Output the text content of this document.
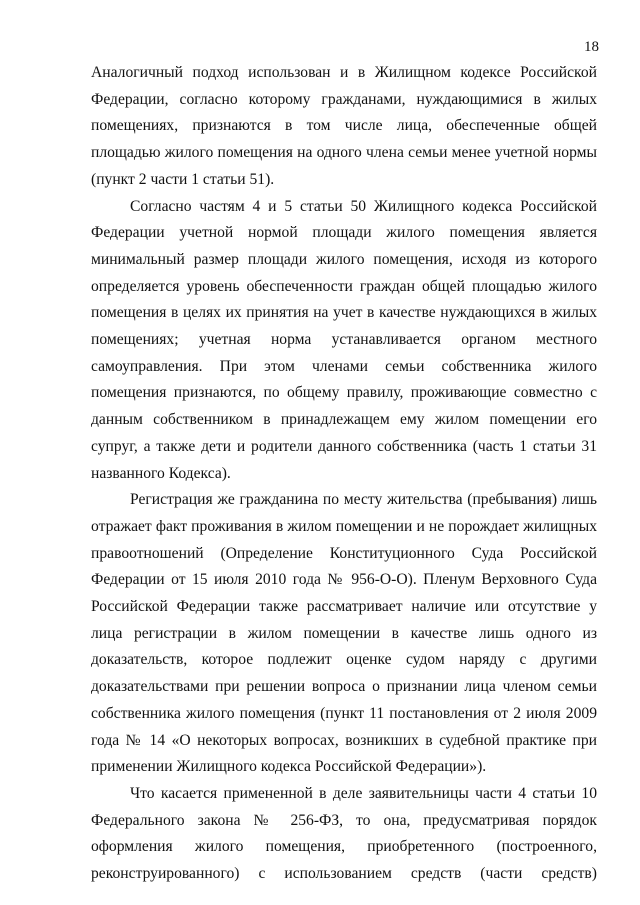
18

Аналогичный подход использован и в Жилищном кодексе Российской Федерации, согласно которому гражданами, нуждающимися в жилых помещениях, признаются в том числе лица, обеспеченные общей площадью жилого помещения на одного члена семьи менее учетной нормы (пункт 2 части 1 статьи 51).

Согласно частям 4 и 5 статьи 50 Жилищного кодекса Российской Федерации учетной нормой площади жилого помещения является минимальный размер площади жилого помещения, исходя из которого определяется уровень обеспеченности граждан общей площадью жилого помещения в целях их принятия на учет в качестве нуждающихся в жилых помещениях; учетная норма устанавливается органом местного самоуправления. При этом членами семьи собственника жилого помещения признаются, по общему правилу, проживающие совместно с данным собственником в принадлежащем ему жилом помещении его супруг, а также дети и родители данного собственника (часть 1 статьи 31 названного Кодекса).

Регистрация же гражданина по месту жительства (пребывания) лишь отражает факт проживания в жилом помещении и не порождает жилищных правоотношений (Определение Конституционного Суда Российской Федерации от 15 июля 2010 года № 956-О-О). Пленум Верховного Суда Российской Федерации также рассматривает наличие или отсутствие у лица регистрации в жилом помещении в качестве лишь одного из доказательств, которое подлежит оценке судом наряду с другими доказательствами при решении вопроса о признании лица членом семьи собственника жилого помещения (пункт 11 постановления от 2 июля 2009 года № 14 «О некоторых вопросах, возникших в судебной практике при применении Жилищного кодекса Российской Федерации»).

Что касается примененной в деле заявительницы части 4 статьи 10 Федерального закона № 256-ФЗ, то она, предусматривая порядок оформления жилого помещения, приобретенного (построенного, реконструированного) с использованием средств (части средств)
